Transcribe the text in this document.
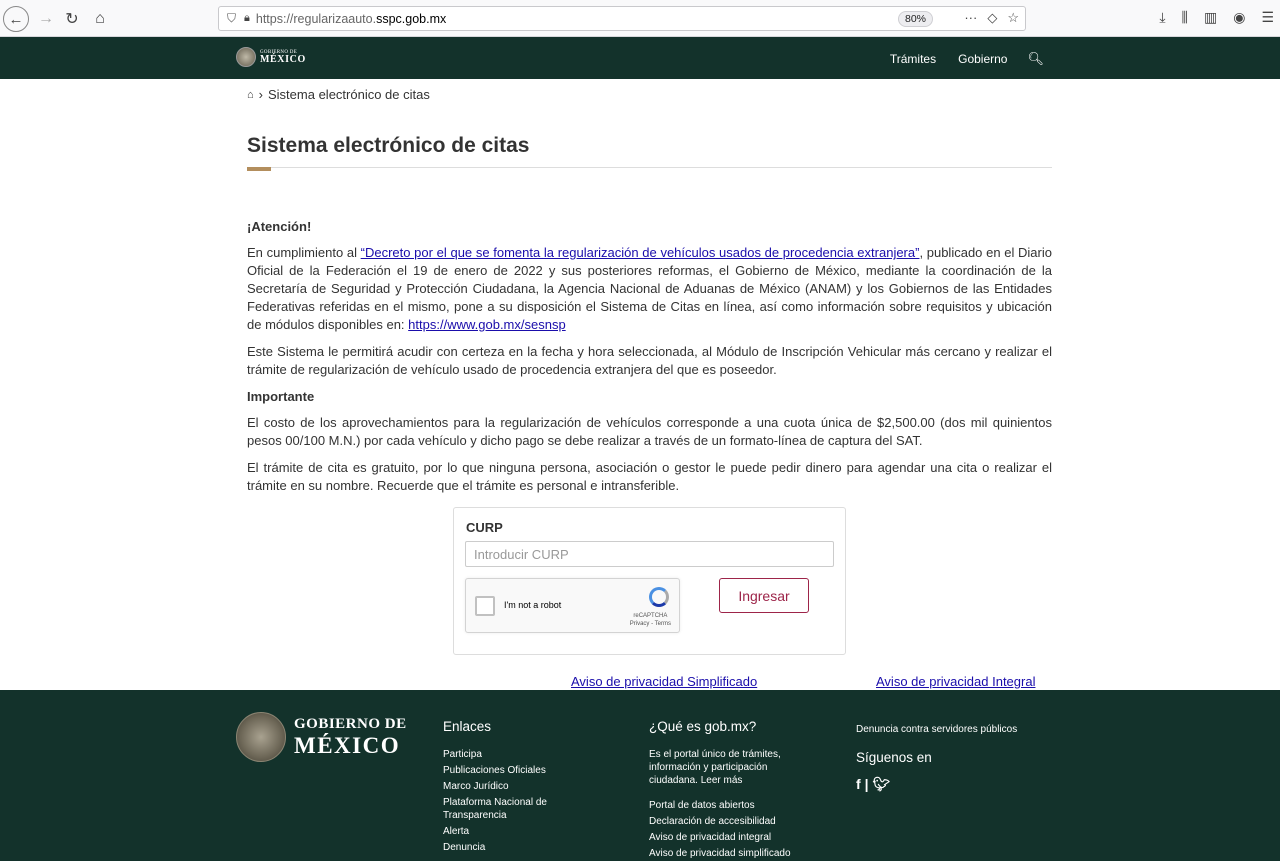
← → ↻	⌂	⛉ 🔒︎ https://regularizaauto.sspc.gob.mx	80%	··· ◇ ☆	⤓ ⫼ ▥ ◉ ☰
GOBIERNO DE
MÉXICO	Trámites Gobierno 🔍︎
⌂ › Sistema electrónico de citas
Sistema electrónico de citas
¡Atención!

En cumplimiento al “Decreto por el que se fomenta la regularización de vehículos usados de procedencia extranjera”, publicado en el Diario Oficial de la Federación el 19 de enero de 2022 y sus posteriores reformas, el Gobierno de México, mediante la coordinación de la Secretaría de Seguridad y Protección Ciudadana, la Agencia Nacional de Aduanas de México (ANAM) y los Gobiernos de las Entidades Federativas referidas en el mismo, pone a su disposición el Sistema de Citas en línea, así como información sobre requisitos y ubicación de módulos disponibles en: https://www.gob.mx/sesnsp

Este Sistema le permitirá acudir con certeza en la fecha y hora seleccionada, al Módulo de Inscripción Vehicular más cercano y realizar el trámite de regularización de vehículo usado de procedencia extranjera del que es poseedor.

Importante

El costo de los aprovechamientos para la regularización de vehículos corresponde a una cuota única de $2,500.00 (dos mil quinientos pesos 00/100 M.N.) por cada vehículo y dicho pago se debe realizar a través de un formato-línea de captura del SAT.

El trámite de cita es gratuito, por lo que ninguna persona, asociación o gestor le puede pedir dinero para agendar una cita o realizar el trámite en su nombre. Recuerde que el trámite es personal e intransferible.

CURP
Introducir CURP
I'm not a robot
reCAPTCHA
Privacy - Terms
Ingresar
Aviso de privacidad Simplificado	Aviso de privacidad Integral
GOBIERNO DE
MÉXICO
Enlaces
Participa
Publicaciones Oficiales
Marco Jurídico
Plataforma Nacional de Transparencia
Alerta
Denuncia
¿Qué es gob.mx?
Es el portal único de trámites, información y participación ciudadana. Leer más
Portal de datos abiertos
Declaración de accesibilidad
Aviso de privacidad integral
Aviso de privacidad simplificado
Denuncia contra servidores públicos
Síguenos en
f | 🐦︎
